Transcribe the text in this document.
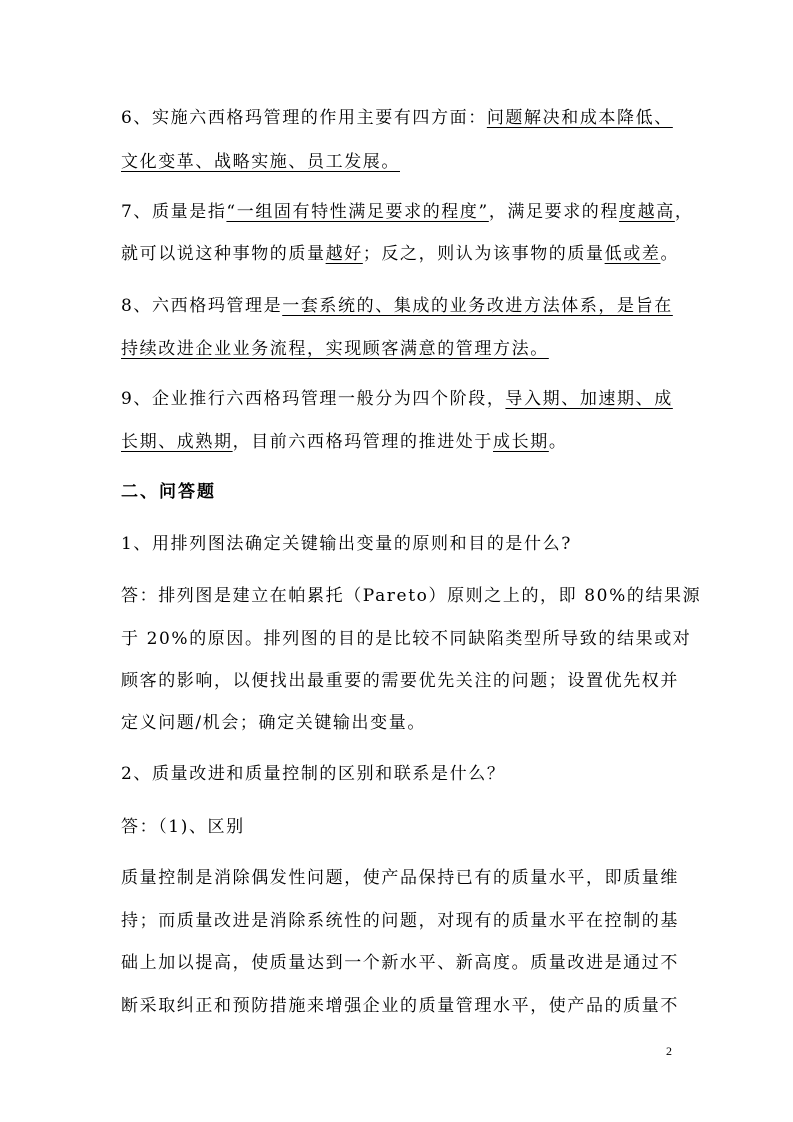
6、实施六西格玛管理的作用主要有四方面：问题解决和成本降低、
文化变革、战略实施、员工发展。
7、质量是指“一组固有特性满足要求的程度”，满足要求的程度越高，
就可以说这种事物的质量越好；反之，则认为该事物的质量低或差。
8、六西格玛管理是一套系统的、集成的业务改进方法体系，是旨在
持续改进企业业务流程，实现顾客满意的管理方法。
9、企业推行六西格玛管理一般分为四个阶段，导入期、加速期、成
长期、成熟期，目前六西格玛管理的推进处于成长期。
二、问答题
1、用排列图法确定关键输出变量的原则和目的是什么?
答：排列图是建立在帕累托（Pareto）原则之上的，即 80%的结果源
于 20%的原因。排列图的目的是比较不同缺陷类型所导致的结果或对
顾客的影响，以便找出最重要的需要优先关注的问题；设置优先权并
定义问题/机会；确定关键输出变量。
2、质量改进和质量控制的区别和联系是什么？
答：（1)、区别
质量控制是消除偶发性问题，使产品保持已有的质量水平，即质量维
持；而质量改进是消除系统性的问题，对现有的质量水平在控制的基
础上加以提高，使质量达到一个新水平、新高度。质量改进是通过不
断采取纠正和预防措施来增强企业的质量管理水平，使产品的质量不
2
